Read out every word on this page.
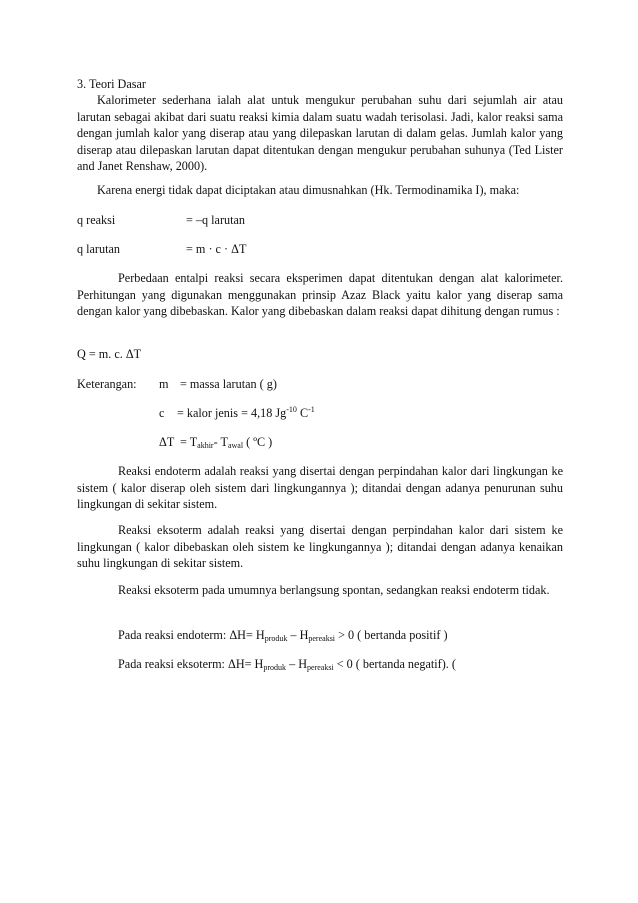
3. Teori Dasar

Kalorimeter sederhana ialah alat untuk mengukur perubahan suhu dari sejumlah air atau larutan sebagai akibat dari suatu reaksi kimia dalam suatu wadah terisolasi. Jadi, kalor reaksi sama dengan jumlah kalor yang diserap atau yang dilepaskan larutan di dalam gelas. Jumlah kalor yang diserap atau dilepaskan larutan dapat ditentukan dengan mengukur perubahan suhunya (Ted Lister and Janet Renshaw, 2000).

Karena energi tidak dapat diciptakan atau dimusnahkan (Hk. Termodinamika I), maka:

q reaksi	= –q larutan
q larutan	= m · c · ΔT

Perbedaan entalpi reaksi secara eksperimen dapat ditentukan dengan alat kalorimeter. Perhitungan yang digunakan menggunakan prinsip Azaz Black yaitu kalor yang diserap sama dengan kalor yang dibebaskan. Kalor yang dibebaskan dalam reaksi dapat dihitung dengan rumus :

Q = m. c. ΔT
Keterangan: m = massa larutan ( g)
c = kalor jenis = 4,18 $Jg^{-10}$ $C^{-1}$
$\Delta T = T_{akhir}-$ $T_{awal}$ ( ºC )

Reaksi endoterm adalah reaksi yang disertai dengan perpindahan kalor dari lingkungan ke sistem ( kalor diserap oleh sistem dari lingkungannya ); ditandai dengan adanya penurunan suhu lingkungan di sekitar sistem.

Reaksi eksoterm adalah reaksi yang disertai dengan perpindahan kalor dari sistem ke lingkungan ( kalor dibebaskan oleh sistem ke lingkungannya ); ditandai dengan adanya kenaikan suhu lingkungan di sekitar sistem.

Reaksi eksoterm pada umumnya berlangsung spontan, sedangkan reaksi endoterm tidak.

Pada reaksi endoterm: $\Delta H= H_{produk} - H_{pereaksi} > 0$ ( bertanda positif )
Pada reaksi eksoterm: $\Delta H= H_{produk} - H_{pereaksi} < 0$ ( bertanda negatif). (
